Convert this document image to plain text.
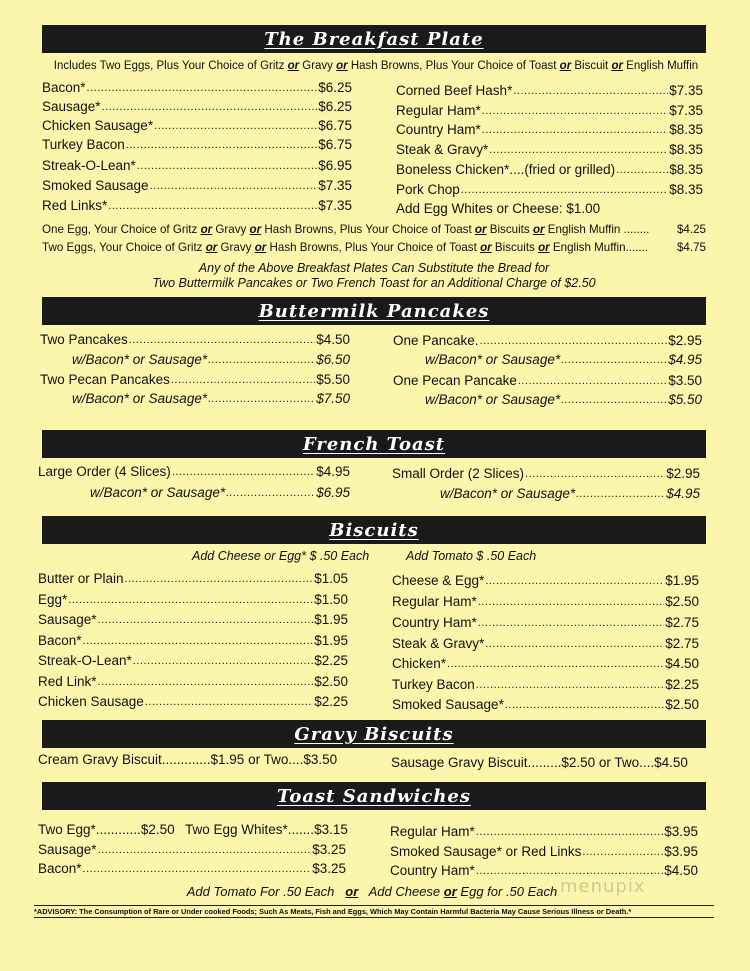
The Breakfast Plate
Includes Two Eggs, Plus Your Choice of Gritz or Gravy or Hash Browns, Plus Your Choice of Toast or Biscuit or English Muffin
Bacon* .....	$6.25
Sausage* .....	$6.25
Chicken Sausage* .....	$6.75
Turkey Bacon .....	$6.75
Streak-O-Lean* .....	$6.95
Smoked Sausage .....	$7.35
Red Links* .....	$7.35
Corned Beef Hash* .....	$7.35
Regular Ham* .....	$7.35
Country Ham* .....	$8.35
Steak & Gravy* .....	$8.35
Boneless Chicken*....(fried or grilled) .....	$8.35
Pork Chop .....	$8.35
Add Egg Whites or Cheese: $1.00
One Egg, Your Choice of Gritz or Gravy or Hash Browns, Plus Your Choice of Toast or Biscuits or English Muffin ........ $4.25
Two Eggs, Your Choice of Gritz or Gravy or Hash Browns, Plus Your Choice of Toast or Biscuits or English Muffin....... $4.75
Any of the Above Breakfast Plates Can Substitute the Bread for
Two Buttermilk Pancakes or Two French Toast for an Additional Charge of $2.50
Buttermilk Pancakes
Two Pancakes .....	$4.50
w/Bacon* or Sausage* .....	$6.50
Two Pecan Pancakes .....	$5.50
w/Bacon* or Sausage* .....	$7.50
One Pancake. .....	$2.95
w/Bacon* or Sausage* .....	$4.95
One Pecan Pancake .....	$3.50
w/Bacon* or Sausage* .....	$5.50
French Toast
Large Order (4 Slices) .....	$4.95
w/Bacon* or Sausage* .....	$6.95
Small Order (2 Slices) .....	$2.95
w/Bacon* or Sausage* .....	$4.95
Biscuits
Add Cheese or Egg* $ .50 Each	Add Tomato $ .50 Each
Butter or Plain .....	$1.05
Egg* .....	$1.50
Sausage* .....	$1.95
Bacon* .....	$1.95
Streak-O-Lean* .....	$2.25
Red Link* .....	$2.50
Chicken Sausage .....	$2.25
Cheese & Egg* .....	$1.95
Regular Ham* .....	$2.50
Country Ham* .....	$2.75
Steak & Gravy* .....	$2.75
Chicken* .....	$4.50
Turkey Bacon .....	$2.25
Smoked Sausage* .....	$2.50
Gravy Biscuits
Cream Gravy Biscuit.............$1.95 or Two....$3.50	Sausage Gravy Biscuit.........$2.50 or Two....$4.50
Toast Sandwiches
Two Egg*............$2.50 Two Egg Whites*.......$3.15
Sausage* .....	$3.25
Bacon* .....	$3.25
Regular Ham* .....	$3.95
Smoked Sausage* or Red Links .....	$3.95
Country Ham* .....	$4.50
Add Tomato For .50 Each or Add Cheese or Egg for .50 Each menupix
*ADVISORY: The Consumption of Rare or Under cooked Foods; Such As Meats, Fish and Eggs, Which May Contain Harmful Bacteria May Cause Serious Illness or Death.*
